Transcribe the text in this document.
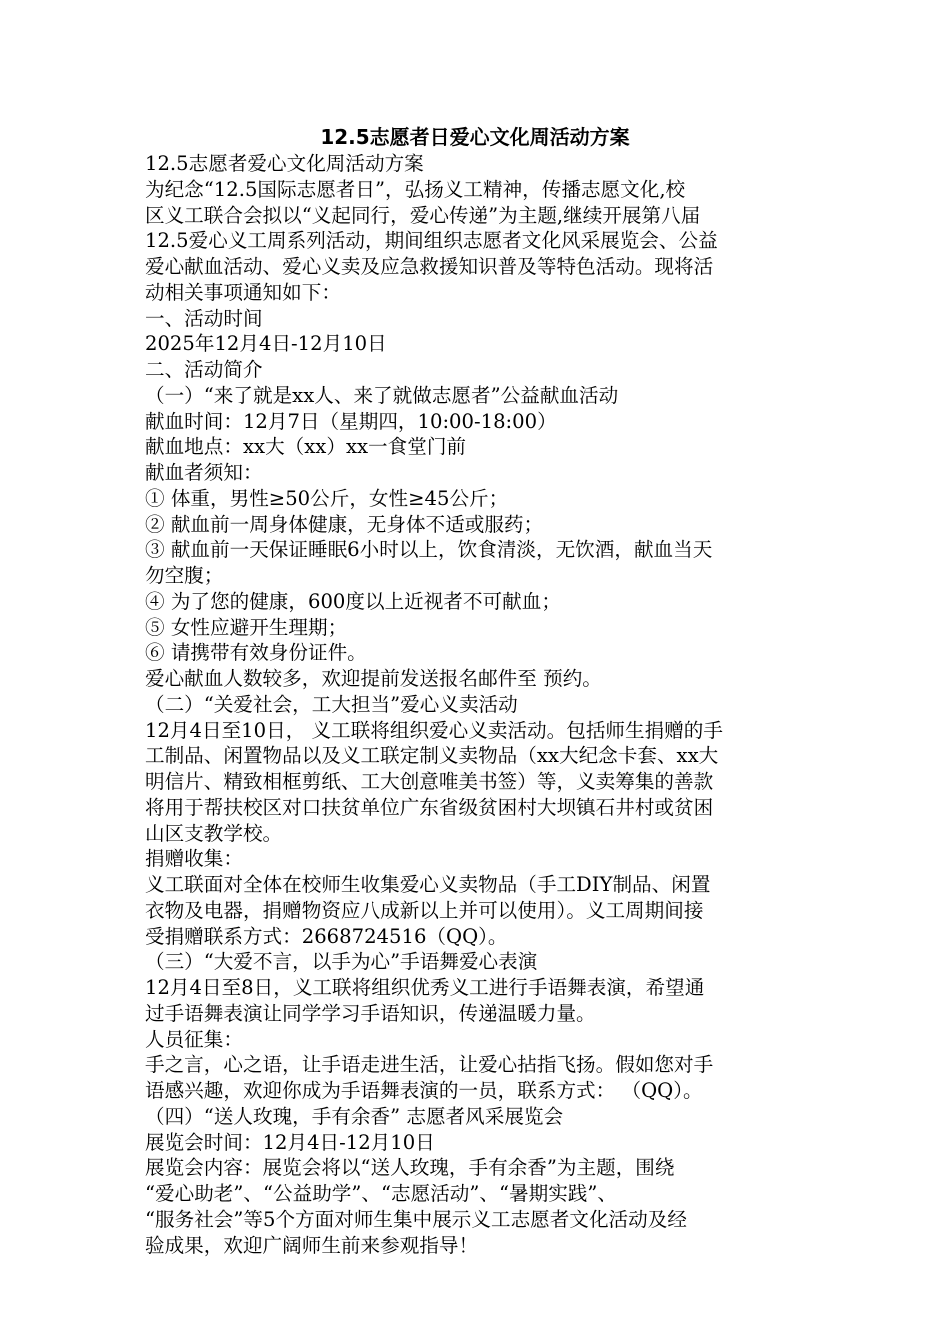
12.5志愿者日爱心文化周活动方案

12.5志愿者爱心文化周活动方案

为纪念“12.5国际志愿者日”，弘扬义工精神，传播志愿文化,校

区义工联合会拟以“义起同行，爱心传递”为主题,继续开展第八届

12.5爱心义工周系列活动，期间组织志愿者文化风采展览会、公益

爱心献血活动、爱心义卖及应急救援知识普及等特色活动。现将活

动相关事项通知如下：

一、活动时间

2025年12月4日-12月10日

二、活动简介

（一）“来了就是xx人、来了就做志愿者”公益献血活动

献血时间：12月7日（星期四，10:00-18:00）

献血地点：xx大（xx）xx一食堂门前

献血者须知：

① 体重，男性≥50公斤，女性≥45公斤；

② 献血前一周身体健康，无身体不适或服药；

③ 献血前一天保证睡眠6小时以上，饮食清淡，无饮酒，献血当天

勿空腹；

④ 为了您的健康，600度以上近视者不可献血；

⑤ 女性应避开生理期；

⑥ 请携带有效身份证件。

爱心献血人数较多，欢迎提前发送报名邮件至 预约。

（二）“关爱社会，工大担当”爱心义卖活动

12月4日至10日， 义工联将组织爱心义卖活动。包括师生捐赠的手

工制品、闲置物品以及义工联定制义卖物品（xx大纪念卡套、xx大

明信片、精致相框剪纸、工大创意唯美书签）等，义卖筹集的善款

将用于帮扶校区对口扶贫单位广东省级贫困村大坝镇石井村或贫困

山区支教学校。

捐赠收集：

义工联面对全体在校师生收集爱心义卖物品（手工DIY制品、闲置

衣物及电器，捐赠物资应八成新以上并可以使用）。义工周期间接

受捐赠联系方式：2668724516（QQ）。

（三）“大爱不言，以手为心”手语舞爱心表演

12月4日至8日，义工联将组织优秀义工进行手语舞表演，希望通

过手语舞表演让同学学习手语知识，传递温暖力量。

人员征集：

手之言，心之语，让手语走进生活，让爱心拈指飞扬。假如您对手

语感兴趣，欢迎你成为手语舞表演的一员，联系方式： （QQ）。

（四）“送人玫瑰，手有余香” 志愿者风采展览会

展览会时间：12月4日-12月10日

展览会内容：展览会将以“送人玫瑰，手有余香”为主题，围绕

“爱心助老”、“公益助学”、“志愿活动”、“暑期实践”、

“服务社会”等5个方面对师生集中展示义工志愿者文化活动及经

验成果，欢迎广阔师生前来参观指导！
